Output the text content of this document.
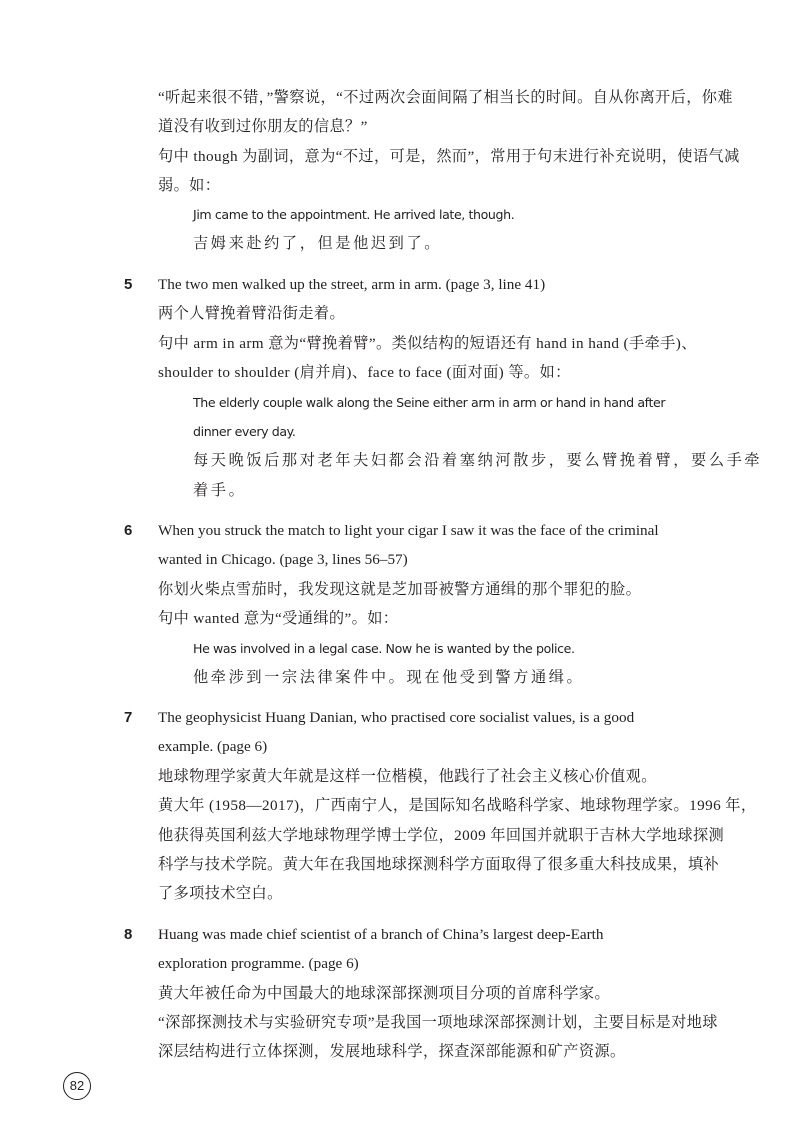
“听起来很不错，”警察说，“不过两次会面间隔了相当长的时间。自从你离开后，你难
道没有收到过你朋友的信息？”
句中 though 为副词，意为“不过，可是，然而”，常用于句末进行补充说明，使语气减
弱。如：
Jim came to the appointment. He arrived late, though.
吉姆来赴约了，但是他迟到了。
5 The two men walked up the street, arm in arm. (page 3, line 41)
两个人臂挽着臂沿街走着。
句中 arm in arm 意为“臂挽着臂”。类似结构的短语还有 hand in hand (手牵手)、
shoulder to shoulder (肩并肩)、face to face (面对面) 等。如：
The elderly couple walk along the Seine either arm in arm or hand in hand after
dinner every day.
每天晚饭后那对老年夫妇都会沿着塞纳河散步，要么臂挽着臂，要么手牵
着手。
6 When you struck the match to light your cigar I saw it was the face of the criminal
wanted in Chicago. (page 3, lines 56–57)
你划火柴点雪茄时，我发现这就是芝加哥被警方通缉的那个罪犯的脸。
句中 wanted 意为“受通缉的”。如：
He was involved in a legal case. Now he is wanted by the police.
他牵涉到一宗法律案件中。现在他受到警方通缉。
7 The geophysicist Huang Danian, who practised core socialist values, is a good
example. (page 6)
地球物理学家黄大年就是这样一位楷模，他践行了社会主义核心价值观。
黄大年 (1958—2017)，广西南宁人，是国际知名战略科学家、地球物理学家。1996 年，
他获得英国利兹大学地球物理学博士学位，2009 年回国并就职于吉林大学地球探测
科学与技术学院。黄大年在我国地球探测科学方面取得了很多重大科技成果，填补
了多项技术空白。
8 Huang was made chief scientist of a branch of China’s largest deep-Earth
exploration programme. (page 6)
黄大年被任命为中国最大的地球深部探测项目分项的首席科学家。
“深部探测技术与实验研究专项”是我国一项地球深部探测计划，主要目标是对地球
深层结构进行立体探测，发展地球科学，探查深部能源和矿产资源。
82
